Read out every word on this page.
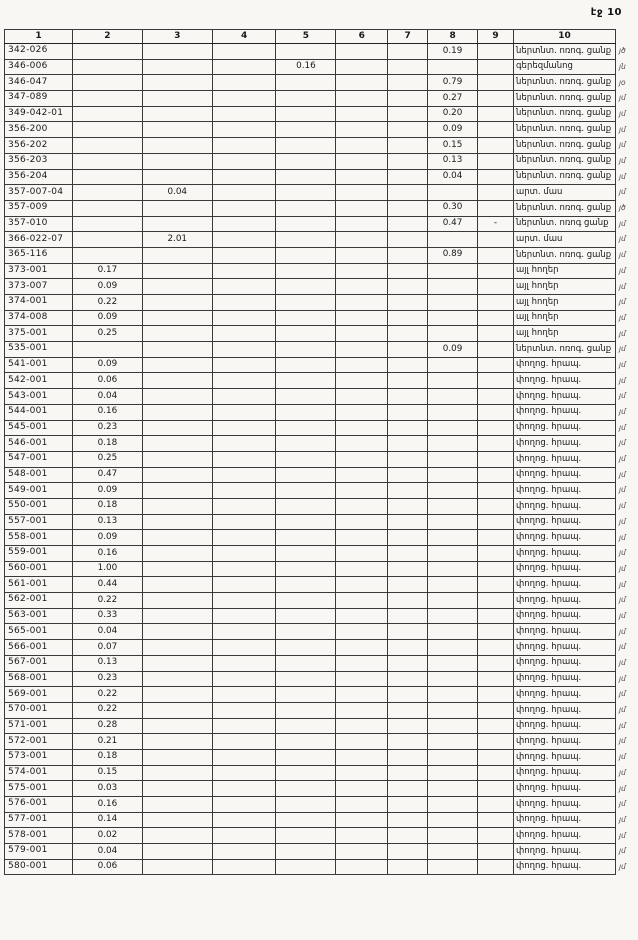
էջ 10
1	2	3	4	5	6	7	8	9	10	
342-026							0.19		ներտնտ. ոռոգ. ցանք	յծ
346-006				0.16					գերեզմանոց	յն
346-047							0.79		ներտնտ. ոռոգ. ցանք	յօ
347-089							0.27		ներտնտ. ոռոգ. ցանք	յմ
349-042-01							0.20		ներտնտ. ոռոգ. ցանք	յմ
356-200							0.09		ներտնտ. ոռոգ. ցանք	յմ
356-202							0.15		ներտնտ. ոռոգ. ցանք	յմ
356-203							0.13		ներտնտ. ոռոգ. ցանք	յմ
356-204							0.04		ներտնտ. ոռոգ. ցանք	յմ
357-007-04		0.04							արտ. մաս	յմ
357-009							0.30		ներտնտ. ոռոգ. ցանք	յծ
357-010							0.47	-	ներտնտ. ոռոգ ցանք	յմ
366-022-07		2.01							արտ. մաս	յմ
365-116							0.89		ներտնտ. ոռոգ. ցանք	յմ
373-001	0.17								այլ հողեր	յմ
373-007	0.09								այլ հողեր	յմ
374-001	0.22								այլ հողեր	յմ
374-008	0.09								այլ հողեր	յմ
375-001	0.25								այլ հողեր	յմ
535-001							0.09		ներտնտ. ոռոգ. ցանք	յմ
541-001	0.09								փողոց. հրապ.	յմ
542-001	0.06								փողոց. հրապ.	յմ
543-001	0.04								փողոց. հրապ.	յմ
544-001	0.16								փողոց. հրապ.	յմ
545-001	0.23								փողոց. հրապ.	յմ
546-001	0.18								փողոց. հրապ.	յմ
547-001	0.25								փողոց. հրապ.	յմ
548-001	0.47								փողոց. հրապ.	յմ
549-001	0.09								փողոց. հրապ.	յմ
550-001	0.18								փողոց. հրապ.	յմ
557-001	0.13								փողոց. հրապ.	յմ
558-001	0.09								փողոց. հրապ.	յմ
559-001	0.16								փողոց. հրապ.	յմ
560-001	1.00								փողոց. հրապ.	յմ
561-001	0.44								փողոց. հրապ.	յմ
562-001	0.22								փողոց. հրապ.	յմ
563-001	0.33								փողոց. հրապ.	յմ
565-001	0.04								փողոց. հրապ.	յմ
566-001	0.07								փողոց. հրապ.	յմ
567-001	0.13								փողոց. հրապ.	յմ
568-001	0.23								փողոց. հրապ.	յմ
569-001	0.22								փողոց. հրապ.	յմ
570-001	0.22								փողոց. հրապ.	յմ
571-001	0.28								փողոց. հրապ.	յմ
572-001	0.21								փողոց. հրապ.	յմ
573-001	0.18								փողոց. հրապ.	յմ
574-001	0.15								փողոց. հրապ.	յմ
575-001	0.03								փողոց. հրապ.	յմ
576-001	0.16								փողոց. հրապ.	յմ
577-001	0.14								փողոց. հրապ.	յմ
578-001	0.02								փողոց. հրապ.	յմ
579-001	0.04								փողոց. հրապ.	յմ
580-001	0.06								փողոց. հրապ.	յմ
